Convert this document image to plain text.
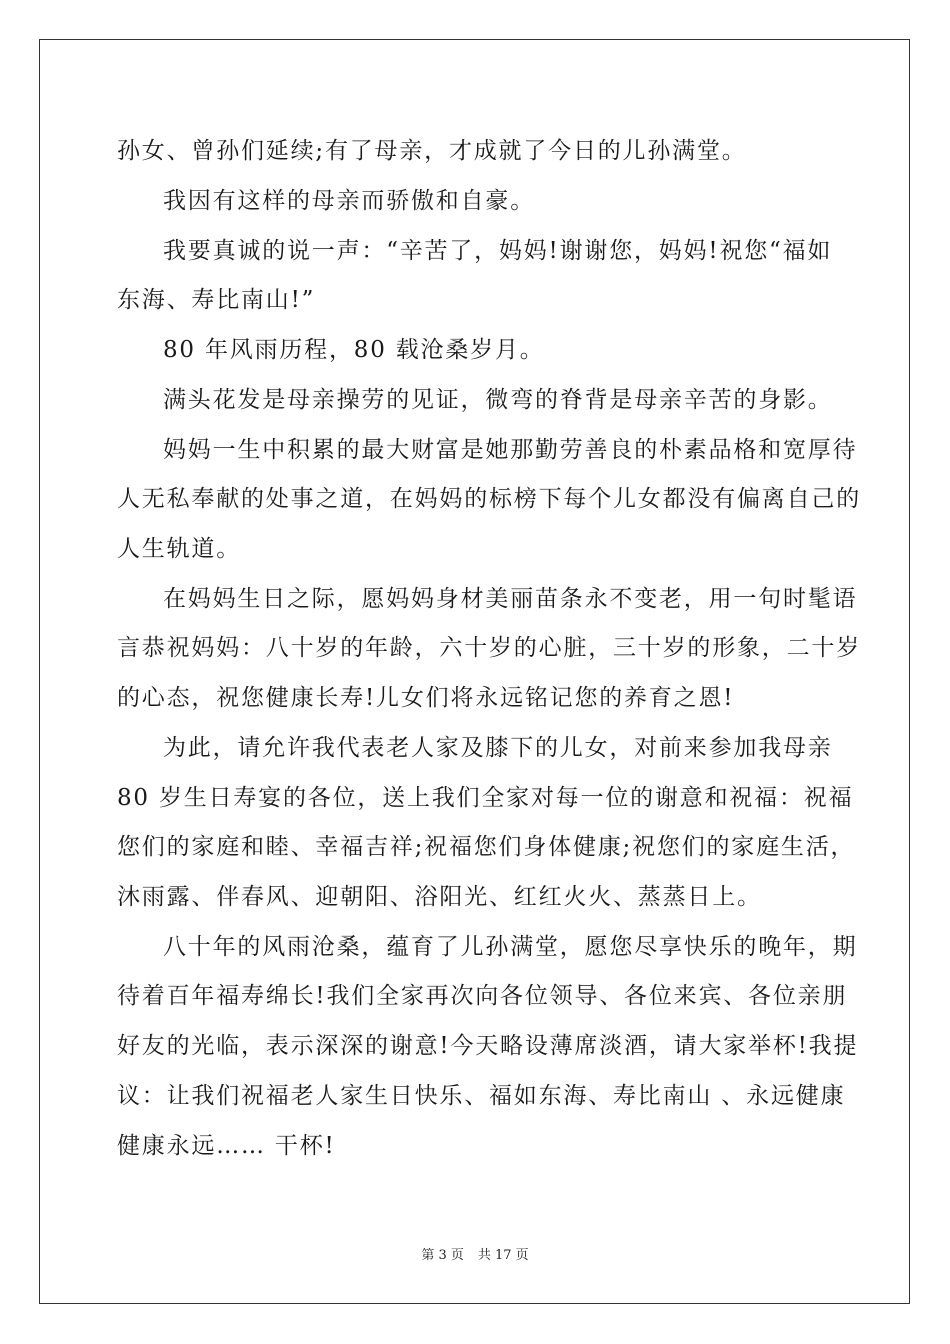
孙女、曾孙们延续;有了母亲，才成就了今日的儿孙满堂。
我因有这样的母亲而骄傲和自豪。
我要真诚的说一声：“辛苦了，妈妈!谢谢您，妈妈!祝您“福如
东海、寿比南山!”
80 年风雨历程，80 载沧桑岁月。
满头花发是母亲操劳的见证，微弯的脊背是母亲辛苦的身影。
妈妈一生中积累的最大财富是她那勤劳善良的朴素品格和宽厚待
人无私奉献的处事之道，在妈妈的标榜下每个儿女都没有偏离自己的
人生轨道。
在妈妈生日之际，愿妈妈身材美丽苗条永不变老，用一句时髦语
言恭祝妈妈：八十岁的年龄，六十岁的心脏，三十岁的形象，二十岁
的心态，祝您健康长寿!儿女们将永远铭记您的养育之恩!
为此，请允许我代表老人家及膝下的儿女，对前来参加我母亲
80 岁生日寿宴的各位，送上我们全家对每一位的谢意和祝福：祝福
您们的家庭和睦、幸福吉祥;祝福您们身体健康;祝您们的家庭生活，
沐雨露、伴春风、迎朝阳、浴阳光、红红火火、蒸蒸日上。
八十年的风雨沧桑，蕴育了儿孙满堂，愿您尽享快乐的晚年，期
待着百年福寿绵长!我们全家再次向各位领导、各位来宾、各位亲朋
好友的光临，表示深深的谢意!今天略设薄席淡酒，请大家举杯!我提
议：让我们祝福老人家生日快乐、福如东海、寿比南山 、永远健康
健康永远…… 干杯!
第 3 页 共 17 页
